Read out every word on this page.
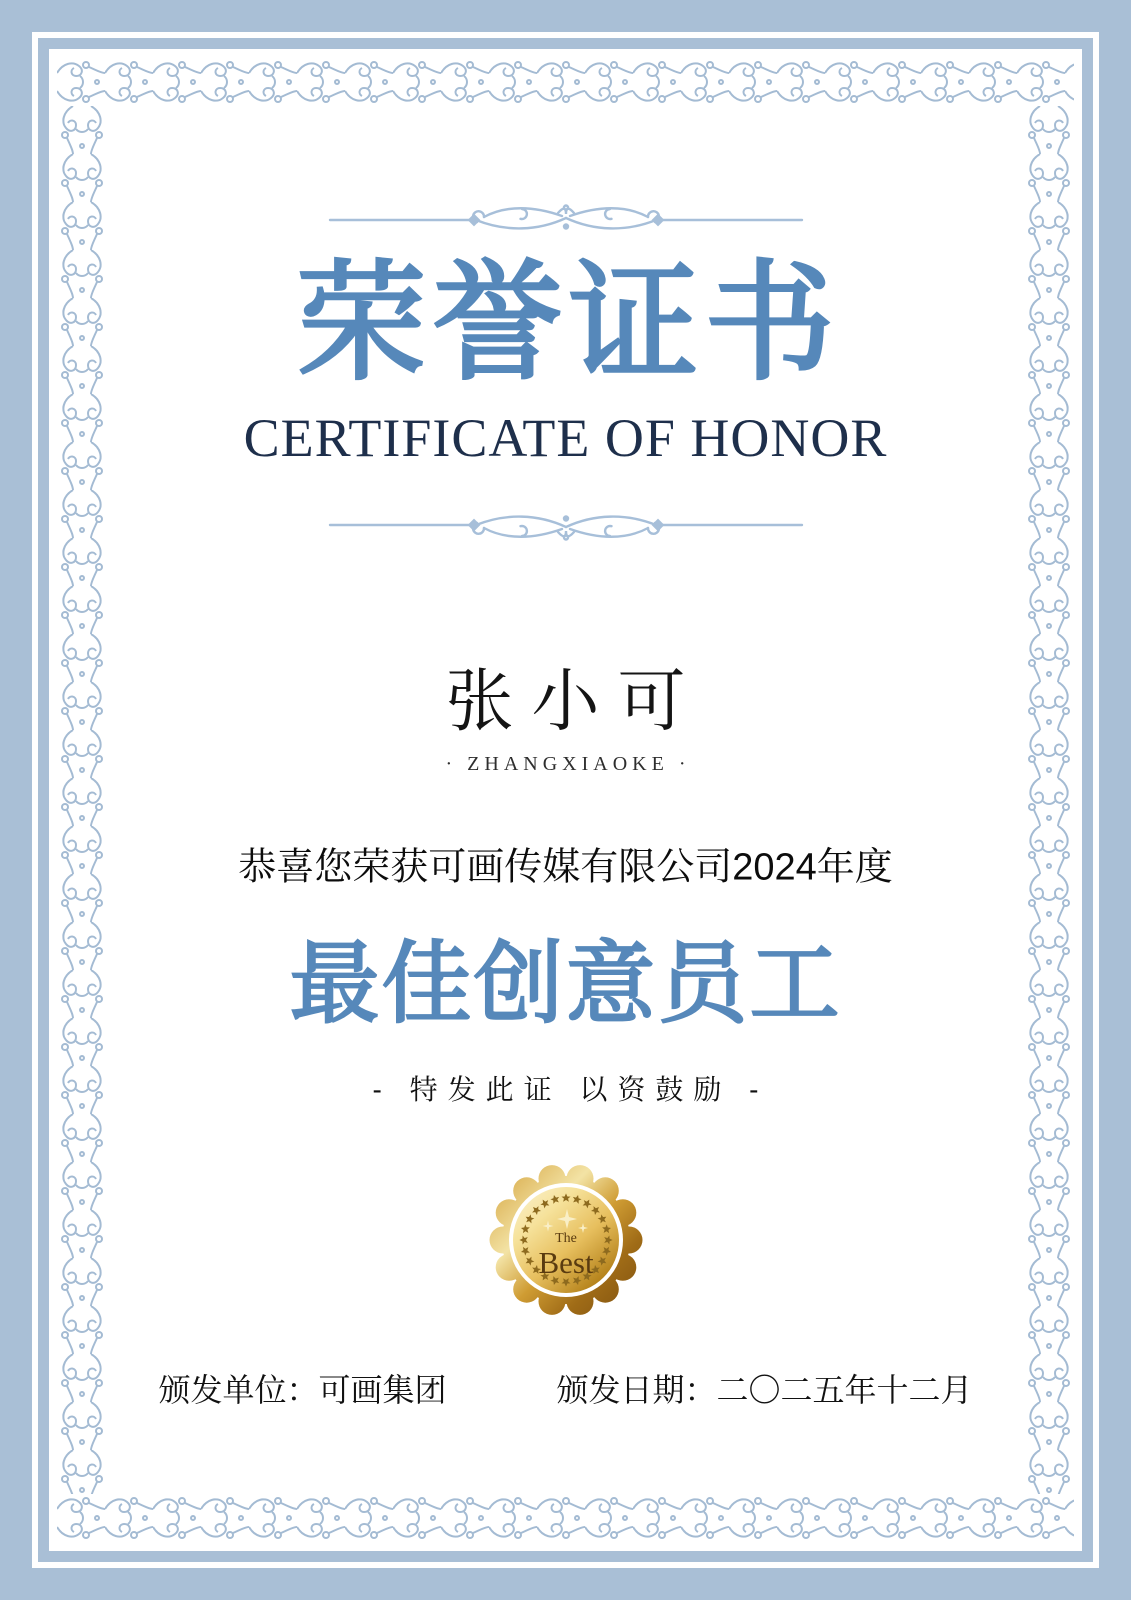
荣誉证书
CERTIFICATE OF HONOR
张小可
· ZHANGXIAOKE ·
恭喜您荣获可画传媒有限公司2024年度
最佳创意员工
- 特发此证 以资鼓励 -
The
Best
颁发单位：可画集团	颁发日期：二〇二五年十二月
